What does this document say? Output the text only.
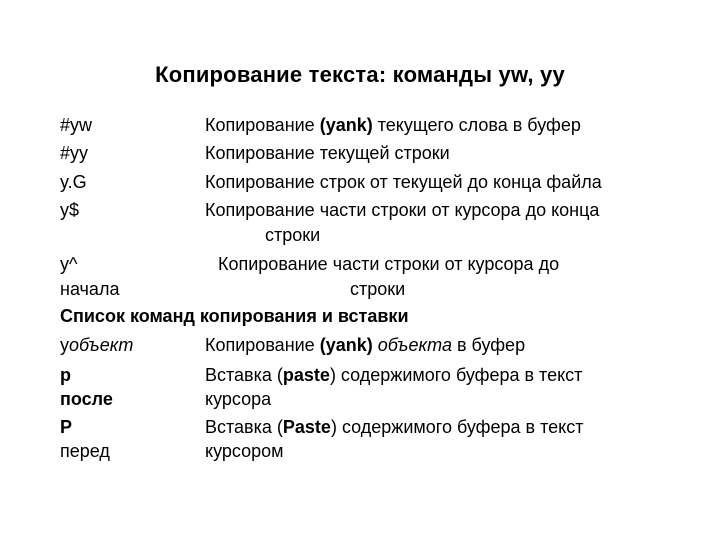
Копирование текста: команды yw, yy
#yw	Копирование (yank) текущего слова в буфер
#yy	Копирование текущей строки
y.G	Копирование строк от текущей до конца файла
y$	Копирование части строки от курсора до конца
строки
y^	Копирование части строки от курсора до
начала	строки
Список команд копирования и вставки
yобъект	Копирование (yank) объекта в буфер
p	Вставка (paste) содержимого буфера в текст
после	курсора
P	Вставка (Paste) содержимого буфера в текст
перед	курсором
